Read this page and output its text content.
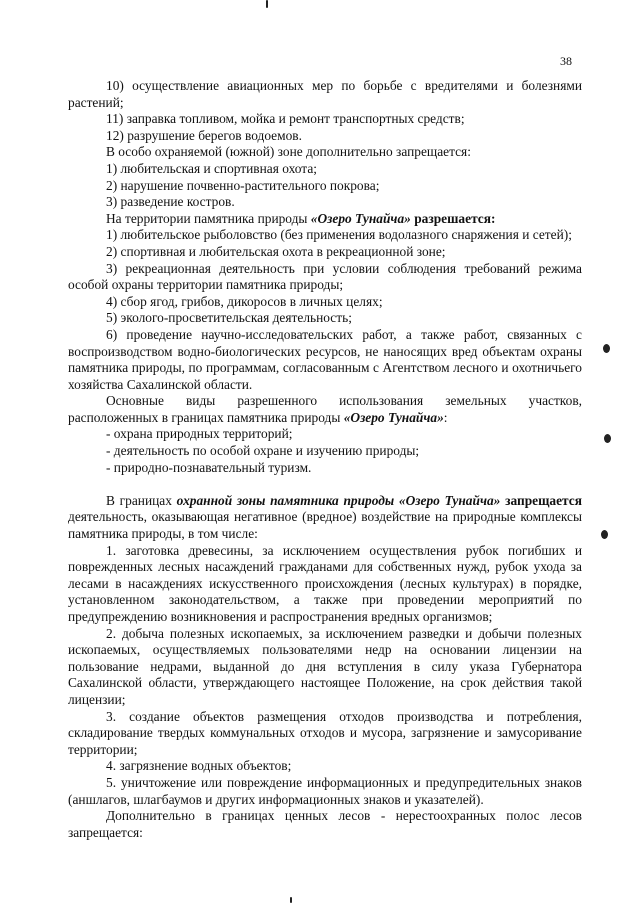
38

10) осуществление авиационных мер по борьбе с вредителями и болезнями растений;

11) заправка топливом, мойка и ремонт транспортных средств;

12) разрушение берегов водоемов.

В особо охраняемой (южной) зоне дополнительно запрещается:

1) любительская и спортивная охота;

2) нарушение почвенно-растительного покрова;

3) разведение костров.

На территории памятника природы «Озеро Тунайча» разрешается:

1) любительское рыболовство (без применения водолазного снаряжения и сетей);

2) спортивная и любительская охота в рекреационной зоне;

3) рекреационная деятельность при условии соблюдения требований режима особой охраны территории памятника природы;

4) сбор ягод, грибов, дикоросов в личных целях;

5) эколого-просветительская деятельность;

6) проведение научно-исследовательских работ, а также работ, связанных с воспроизводством водно-биологических ресурсов, не наносящих вред объектам охраны памятника природы, по программам, согласованным с Агентством лесного и охотничьего хозяйства Сахалинской области.

Основные виды разрешенного использования земельных участков, расположенных в границах памятника природы «Озеро Тунайча»:

- охрана природных территорий;

- деятельность по особой охране и изучению природы;

- природно-познавательный туризм.

В границах охранной зоны памятника природы «Озеро Тунайча» запрещается деятельность, оказывающая негативное (вредное) воздействие на природные комплексы памятника природы, в том числе:

1. заготовка древесины, за исключением осуществления рубок погибших и поврежденных лесных насаждений гражданами для собственных нужд, рубок ухода за лесами в насаждениях искусственного происхождения (лесных культурах) в порядке, установленном законодательством, а также при проведении мероприятий по предупреждению возникновения и распространения вредных организмов;

2. добыча полезных ископаемых, за исключением разведки и добычи полезных ископаемых, осуществляемых пользователями недр на основании лицензии на пользование недрами, выданной до дня вступления в силу указа Губернатора Сахалинской области, утверждающего настоящее Положение, на срок действия такой лицензии;

3. создание объектов размещения отходов производства и потребления, складирование твердых коммунальных отходов и мусора, загрязнение и замусоривание территории;

4. загрязнение водных объектов;

5. уничтожение или повреждение информационных и предупредительных знаков (аншлагов, шлагбаумов и других информационных знаков и указателей).

Дополнительно в границах ценных лесов - нерестоохранных полос лесов запрещается:
